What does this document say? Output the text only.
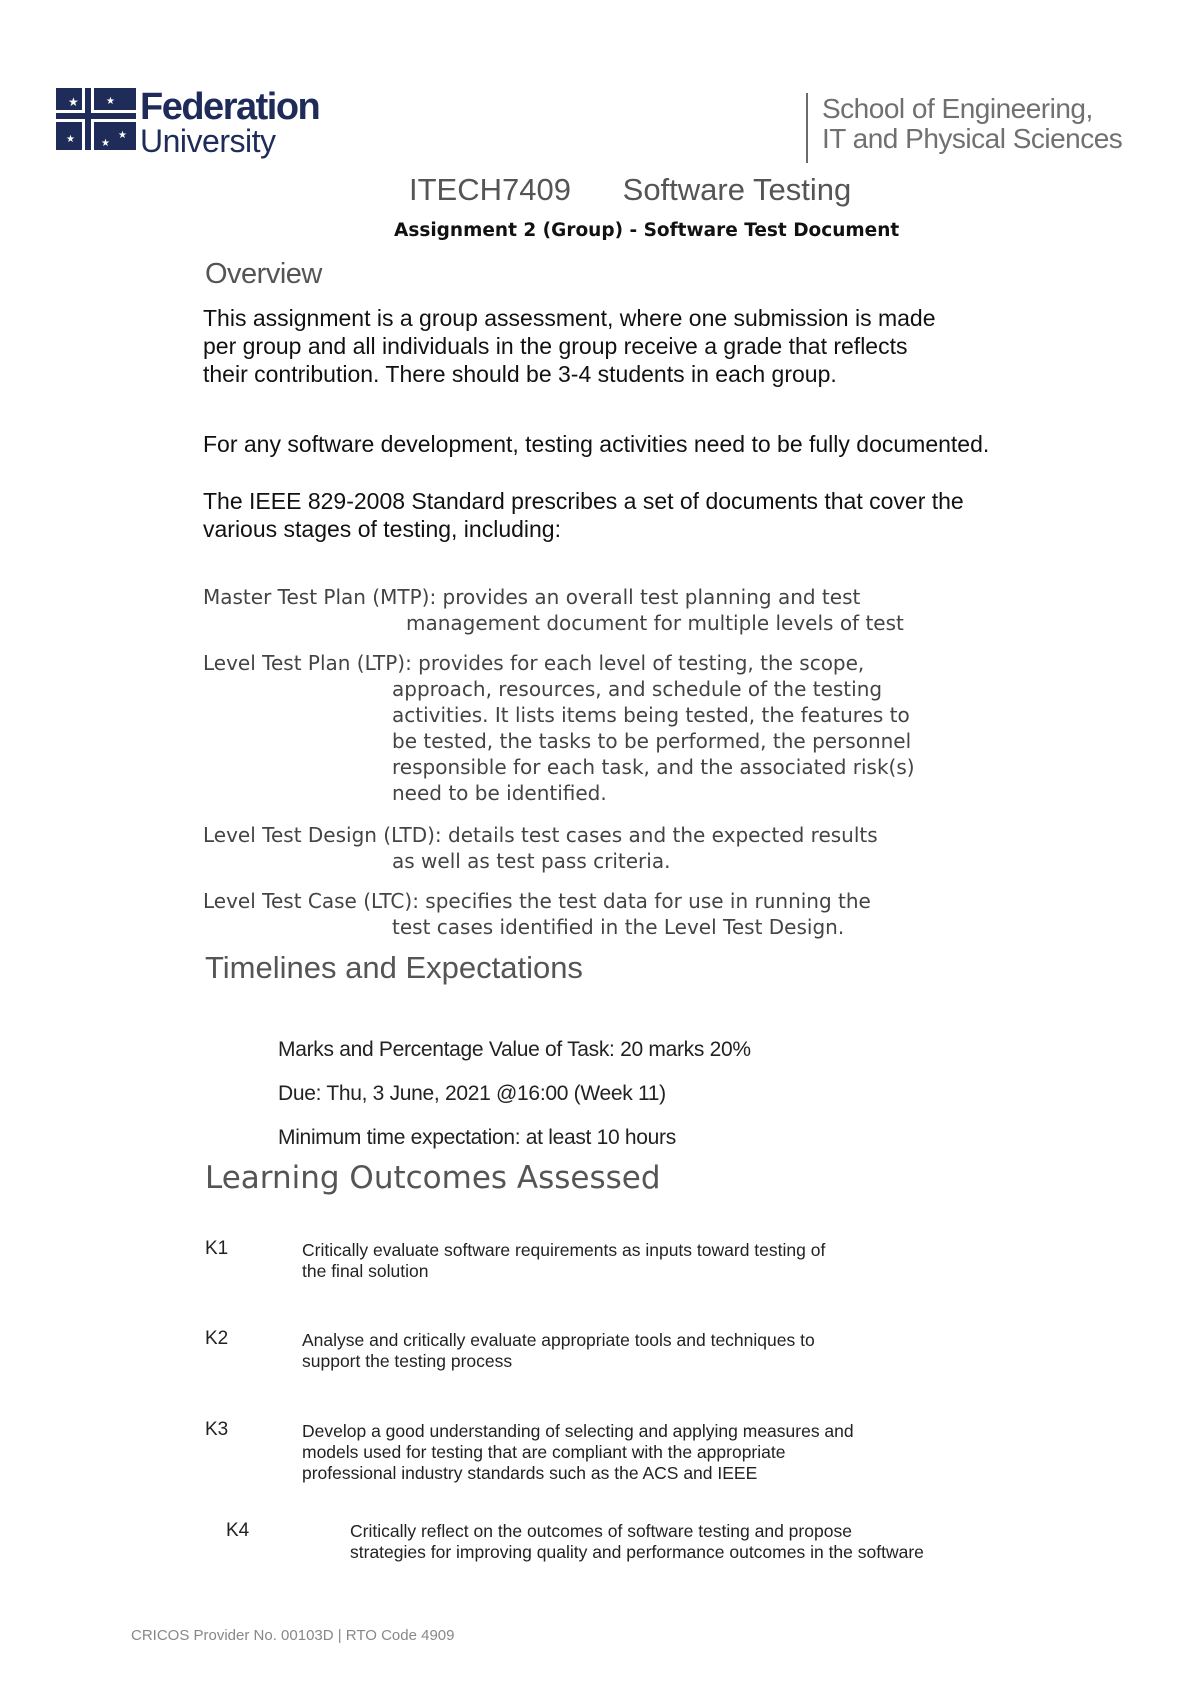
★	★
★
★
★
Federation
University
School of Engineering,
IT and Physical Sciences
ITECH7409      Software Testing
Assignment 2 (Group) - Software Test Document
Overview
This assignment is a group assessment, where one submission is made
per group and all individuals in the group receive a grade that reflects
their contribution. There should be 3-4 students in each group.
For any software development, testing activities need to be fully documented.
The IEEE 829-2008 Standard prescribes a set of documents that cover the
various stages of testing, including:
Master Test Plan (MTP): provides an overall test planning and test
management document for multiple levels of test
Level Test Plan (LTP): provides for each level of testing, the scope,
approach, resources, and schedule of the testing
activities. It lists items being tested, the features to
be tested, the tasks to be performed, the personnel
responsible for each task, and the associated risk(s)
need to be identified.
Level Test Design (LTD): details test cases and the expected results
as well as test pass criteria.
Level Test Case (LTC): specifies the test data for use in running the
test cases identified in the Level Test Design.
Timelines and Expectations
Marks and Percentage Value of Task: 20 marks 20%
Due: Thu, 3 June, 2021 @16:00 (Week 11)
Minimum time expectation: at least 10 hours
Learning Outcomes Assessed
K1	Critically evaluate software requirements as inputs toward testing of
the final solution
K2	Analyse and critically evaluate appropriate tools and techniques to
support the testing process
K3	Develop a good understanding of selecting and applying measures and
models used for testing that are compliant with the appropriate
professional industry standards such as the ACS and IEEE
K4	Critically reflect on the outcomes of software testing and propose
strategies for improving quality and performance outcomes in the software
CRICOS Provider No. 00103D | RTO Code 4909
